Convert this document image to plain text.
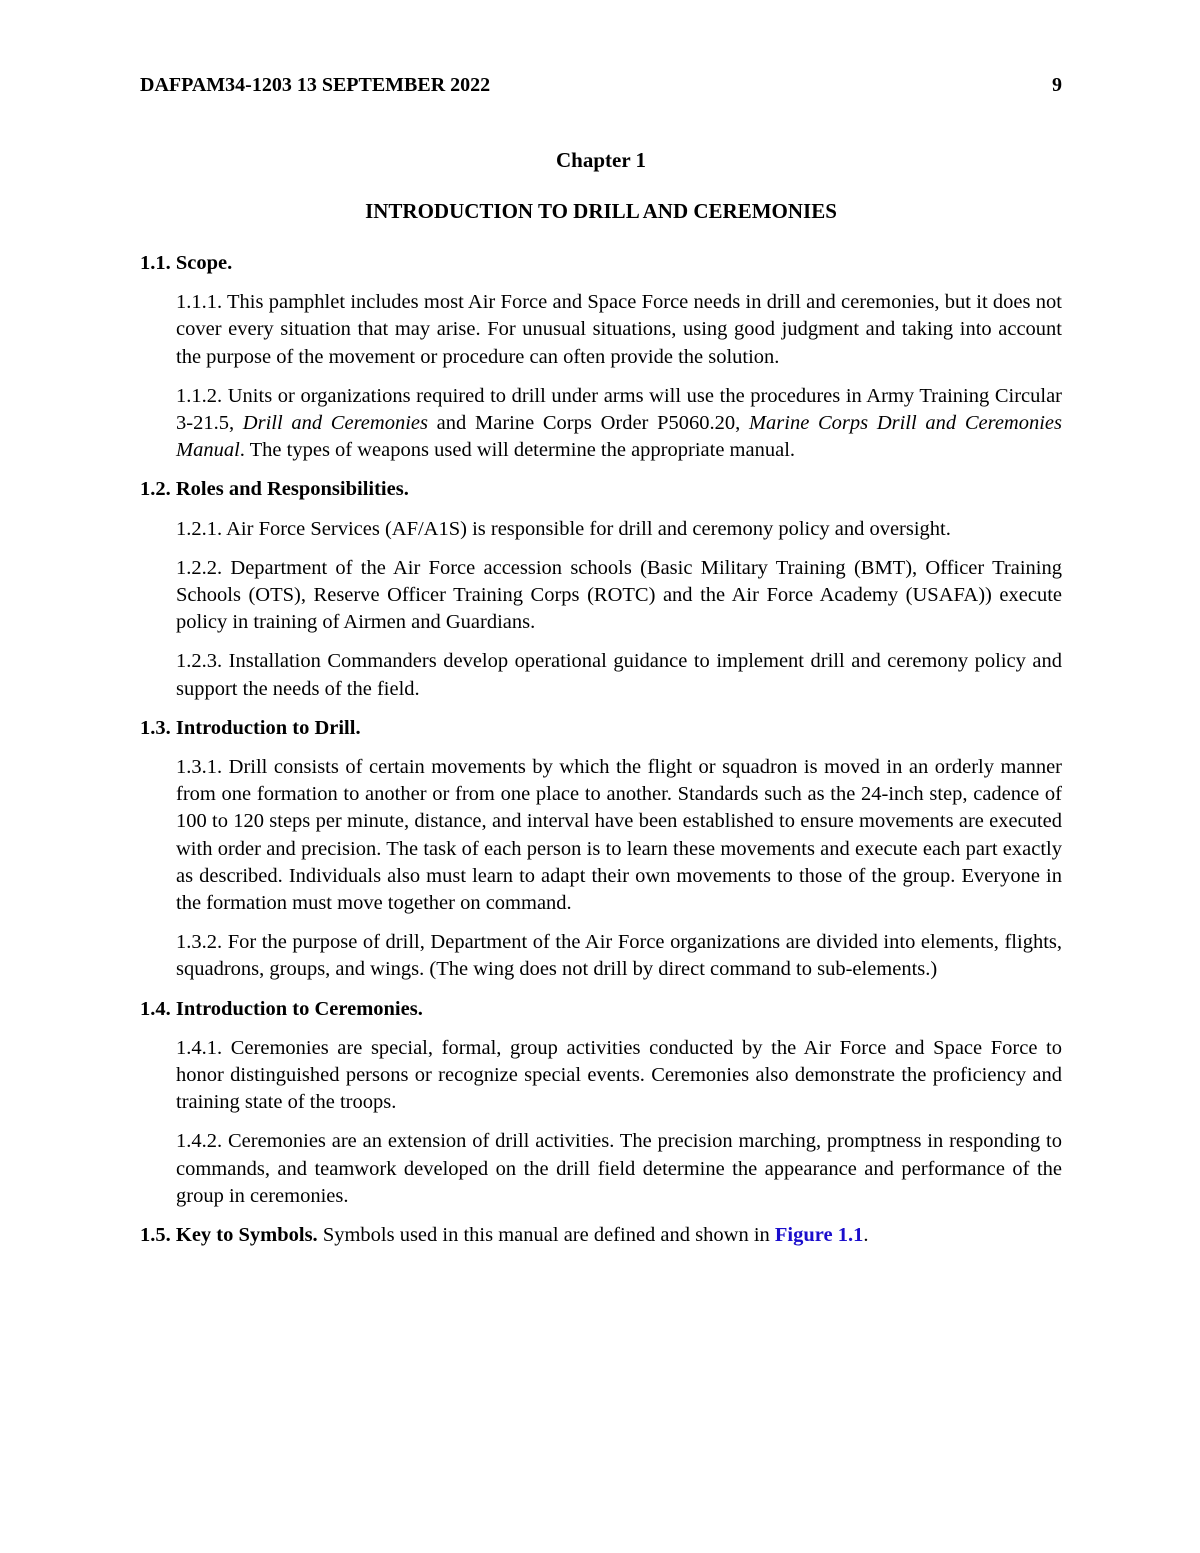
DAFPAM34-1203 13 SEPTEMBER 2022	9
Chapter 1
INTRODUCTION TO DRILL AND CEREMONIES

1.1. Scope.

1.1.1. This pamphlet includes most Air Force and Space Force needs in drill and ceremonies, but it does not cover every situation that may arise. For unusual situations, using good judgment and taking into account the purpose of the movement or procedure can often provide the solution.

1.1.2. Units or organizations required to drill under arms will use the procedures in Army Training Circular 3-21.5, Drill and Ceremonies and Marine Corps Order P5060.20, Marine Corps Drill and Ceremonies Manual. The types of weapons used will determine the appropriate manual.

1.2. Roles and Responsibilities.

1.2.1. Air Force Services (AF/A1S) is responsible for drill and ceremony policy and oversight.

1.2.2. Department of the Air Force accession schools (Basic Military Training (BMT), Officer Training Schools (OTS), Reserve Officer Training Corps (ROTC) and the Air Force Academy (USAFA)) execute policy in training of Airmen and Guardians.

1.2.3. Installation Commanders develop operational guidance to implement drill and ceremony policy and support the needs of the field.

1.3. Introduction to Drill.

1.3.1. Drill consists of certain movements by which the flight or squadron is moved in an orderly manner from one formation to another or from one place to another. Standards such as the 24-inch step, cadence of 100 to 120 steps per minute, distance, and interval have been established to ensure movements are executed with order and precision. The task of each person is to learn these movements and execute each part exactly as described. Individuals also must learn to adapt their own movements to those of the group. Everyone in the formation must move together on command.

1.3.2. For the purpose of drill, Department of the Air Force organizations are divided into elements, flights, squadrons, groups, and wings. (The wing does not drill by direct command to sub-elements.)

1.4. Introduction to Ceremonies.

1.4.1. Ceremonies are special, formal, group activities conducted by the Air Force and Space Force to honor distinguished persons or recognize special events. Ceremonies also demonstrate the proficiency and training state of the troops.

1.4.2. Ceremonies are an extension of drill activities. The precision marching, promptness in responding to commands, and teamwork developed on the drill field determine the appearance and performance of the group in ceremonies.

1.5. Key to Symbols. Symbols used in this manual are defined and shown in Figure 1.1.
